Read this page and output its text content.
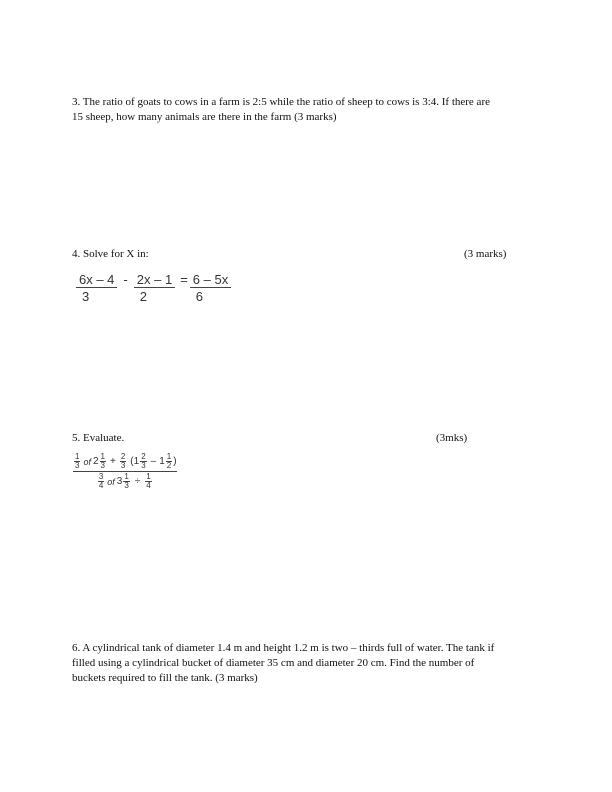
3. The ratio of goats to cows in a farm is 2:5 while the ratio of sheep to cows is 3:4. If there are
15 sheep, how many animals are there in the farm (3 marks)

4. Solve for X in:	(3 marks)
$\frac{6x - 4}{3} - \frac{2x - 1}{2} = \frac{6 - 5x}{6}$

5. Evaluate.	(3mks)
$\frac{1}{3}$ of $2 \frac{1}{3} + \frac{2}{3}$ ( $1 \frac{2}{3} - 1 \frac{1}{2}$ )
$\frac{3}{4}$ of $3 \frac{1}{3} \div \frac{1}{4}$

6. A cylindrical tank of diameter 1.4 m and height 1.2 m is two – thirds full of water. The tank if
filled using a cylindrical bucket of diameter 35 cm and diameter 20 cm. Find the number of
buckets required to fill the tank. (3 marks)
